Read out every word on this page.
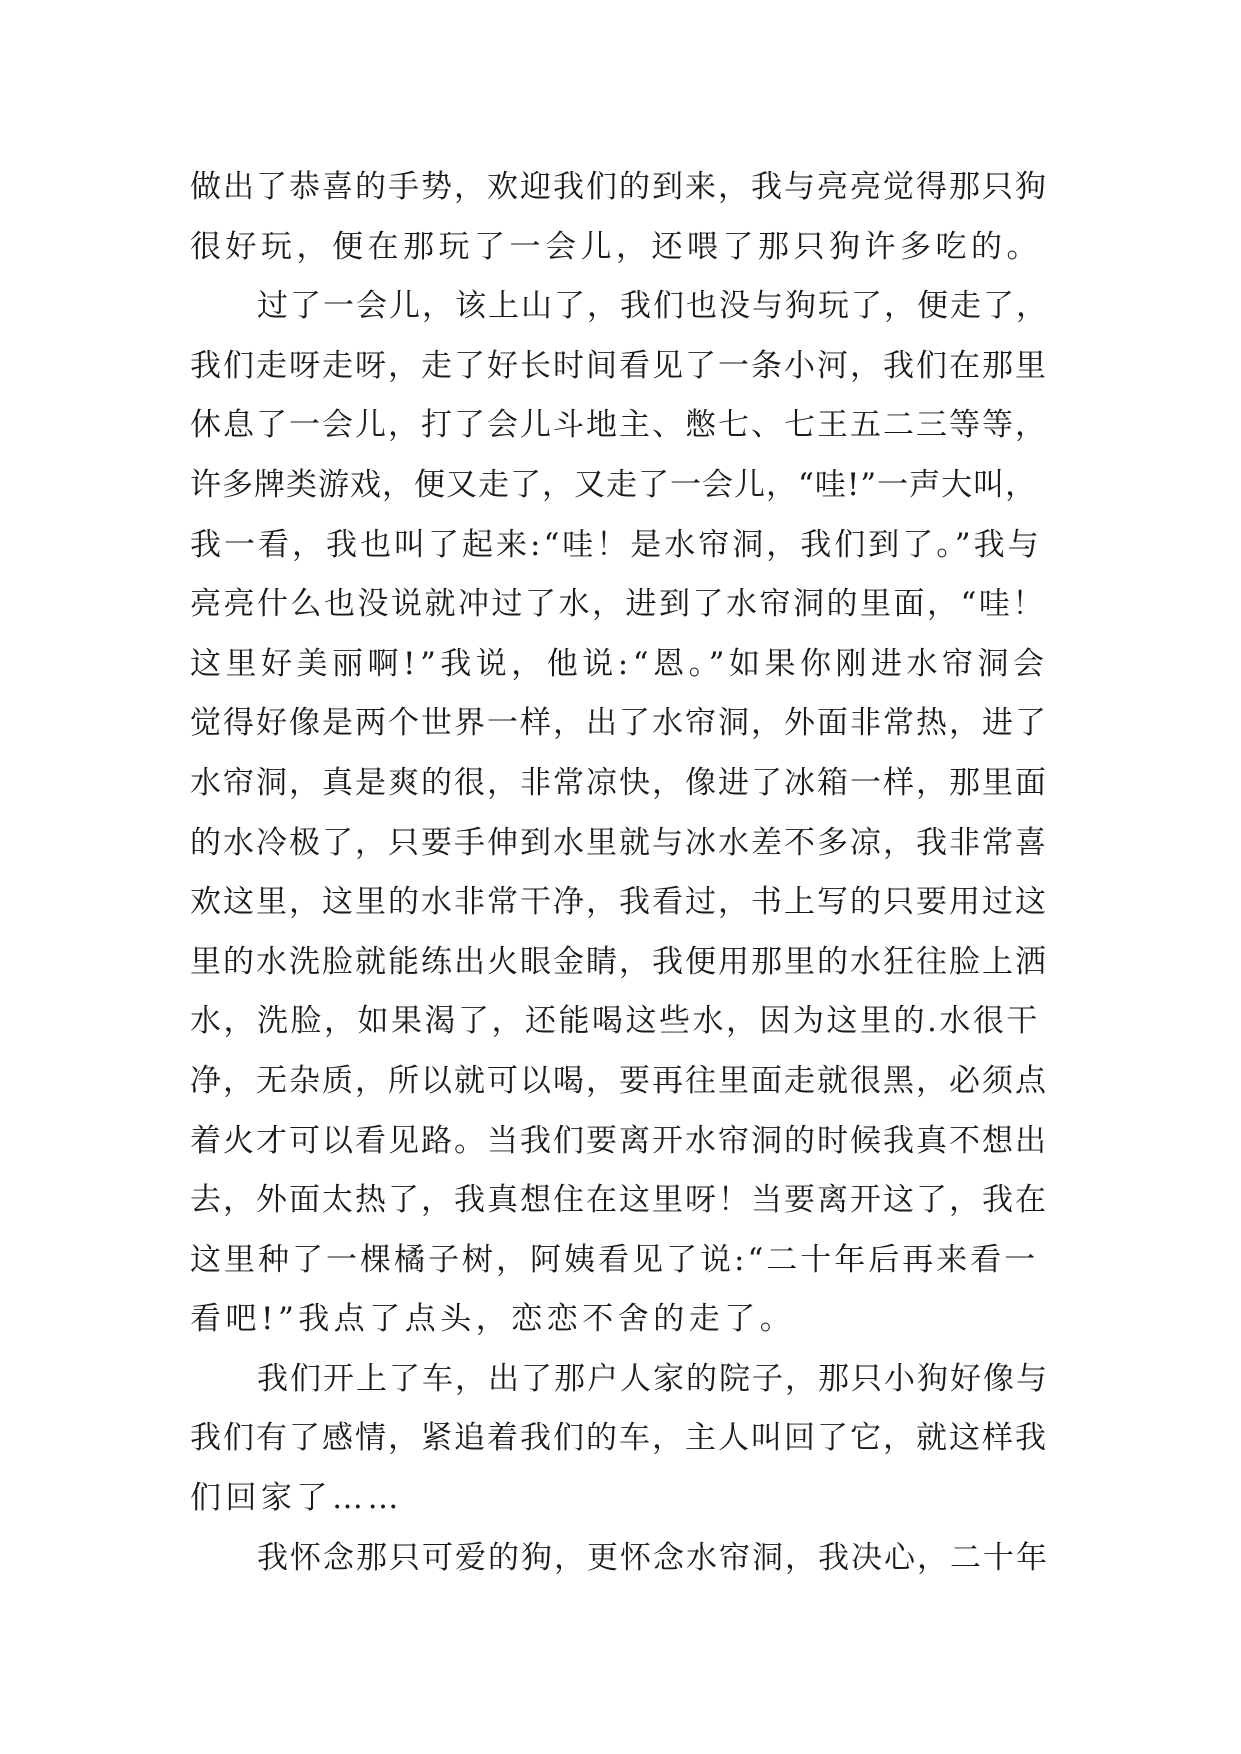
做出了恭喜的手势，欢迎我们的到来，我与亮亮觉得那只狗
很好玩，便在那玩了一会儿，还喂了那只狗许多吃的。
过了一会儿，该上山了，我们也没与狗玩了，便走了，
我们走呀走呀，走了好长时间看见了一条小河，我们在那里
休息了一会儿，打了会儿斗地主、憋七、七王五二三等等，
许多牌类游戏，便又走了，又走了一会儿，“哇!”一声大叫，
我一看，我也叫了起来:“哇！是水帘洞，我们到了。”我与
亮亮什么也没说就冲过了水，进到了水帘洞的里面，“哇！
这里好美丽啊!”我说，他说:“恩。”如果你刚进水帘洞会
觉得好像是两个世界一样，出了水帘洞，外面非常热，进了
水帘洞，真是爽的很，非常凉快，像进了冰箱一样，那里面
的水冷极了，只要手伸到水里就与冰水差不多凉，我非常喜
欢这里，这里的水非常干净，我看过，书上写的只要用过这
里的水洗脸就能练出火眼金睛，我便用那里的水狂往脸上洒
水，洗脸，如果渴了，还能喝这些水，因为这里的.水很干
净，无杂质，所以就可以喝，要再往里面走就很黑，必须点
着火才可以看见路。当我们要离开水帘洞的时候我真不想出
去，外面太热了，我真想住在这里呀！当要离开这了，我在
这里种了一棵橘子树，阿姨看见了说:“二十年后再来看一
看吧!”我点了点头，恋恋不舍的走了。
我们开上了车，出了那户人家的院子，那只小狗好像与
我们有了感情，紧追着我们的车，主人叫回了它，就这样我
们回家了……
我怀念那只可爱的狗，更怀念水帘洞，我决心，二十年
